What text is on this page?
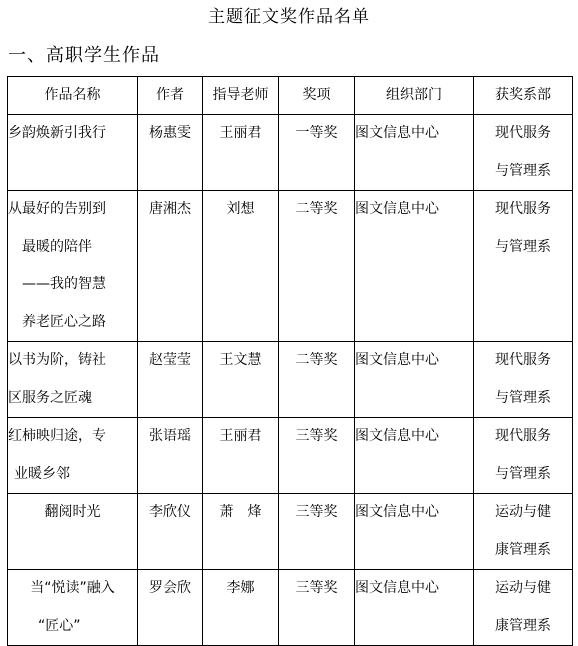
主题征文奖作品名单
一、高职学生作品
作品名称	作者	指导老师	奖项	组织部门	获奖系部

乡韵焕新引我行	杨惠雯	王丽君	一等奖	图文信息中心	现代服务
与管理系

从最好的告别到
最暖的陪伴
——我的智慧
养老匠心之路	唐湘杰	刘想	二等奖	图文信息中心	现代服务
与管理系

以书为阶，铸社
区服务之匠魂	赵莹莹	王文慧	二等奖	图文信息中心	现代服务
与管理系

红柿映归途，专
业暖乡邻	张语瑶	王丽君	三等奖	图文信息中心	现代服务
与管理系

翻阅时光	李欣仪	萧　烽	三等奖	图文信息中心	运动与健
康管理系

当“悦读”融入
“匠心”	罗会欣	李娜	三等奖	图文信息中心	运动与健
康管理系
